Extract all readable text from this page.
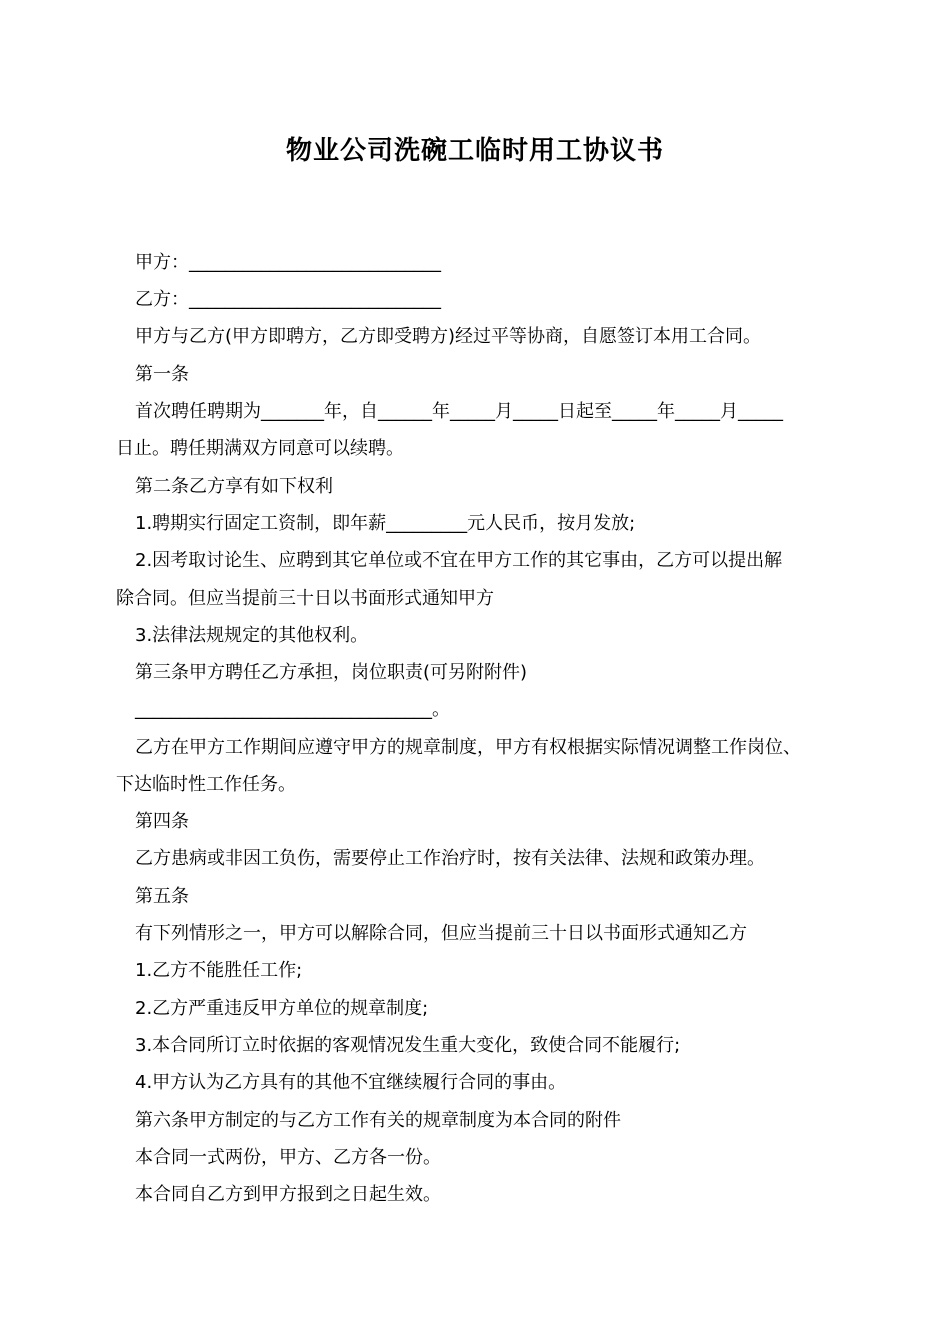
物业公司洗碗工临时用工协议书

甲方：____________________________

乙方：____________________________

甲方与乙方(甲方即聘方，乙方即受聘方)经过平等协商，自愿签订本用工合同。

第一条

首次聘任聘期为_______年，自______年_____月_____日起至_____年_____月_____

日止。聘任期满双方同意可以续聘。

第二条乙方享有如下权利

1.聘期实行固定工资制，即年薪_________元人民币，按月发放;

2.因考取讨论生、应聘到其它单位或不宜在甲方工作的其它事由，乙方可以提出解

除合同。但应当提前三十日以书面形式通知甲方

3.法律法规规定的其他权利。

第三条甲方聘任乙方承担，岗位职责(可另附附件)

_________________________________。

乙方在甲方工作期间应遵守甲方的规章制度，甲方有权根据实际情况调整工作岗位、

下达临时性工作任务。

第四条

乙方患病或非因工负伤，需要停止工作治疗时，按有关法律、法规和政策办理。

第五条

有下列情形之一，甲方可以解除合同，但应当提前三十日以书面形式通知乙方

1.乙方不能胜任工作;

2.乙方严重违反甲方单位的规章制度;

3.本合同所订立时依据的客观情况发生重大变化，致使合同不能履行;

4.甲方认为乙方具有的其他不宜继续履行合同的事由。

第六条甲方制定的与乙方工作有关的规章制度为本合同的附件

本合同一式两份，甲方、乙方各一份。

本合同自乙方到甲方报到之日起生效。
